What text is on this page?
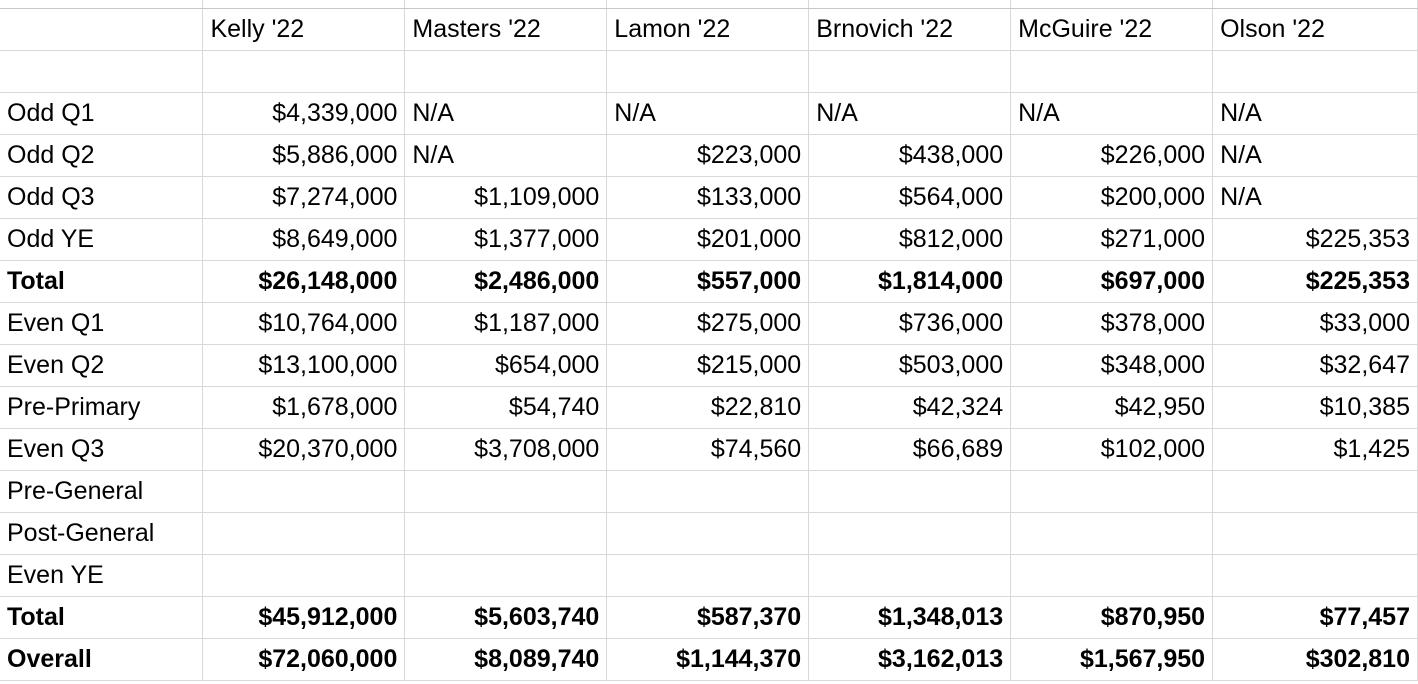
	Kelly '22	Masters '22	Lamon '22	Brnovich '22	McGuire '22	Olson '22

Odd Q1	$4,339,000	N/A	N/A	N/A	N/A	N/A
Odd Q2	$5,886,000	N/A	$223,000	$438,000	$226,000	N/A
Odd Q3	$7,274,000	$1,109,000	$133,000	$564,000	$200,000	N/A
Odd YE	$8,649,000	$1,377,000	$201,000	$812,000	$271,000	$225,353
Total	$26,148,000	$2,486,000	$557,000	$1,814,000	$697,000	$225,353
Even Q1	$10,764,000	$1,187,000	$275,000	$736,000	$378,000	$33,000
Even Q2	$13,100,000	$654,000	$215,000	$503,000	$348,000	$32,647
Pre-Primary	$1,678,000	$54,740	$22,810	$42,324	$42,950	$10,385
Even Q3	$20,370,000	$3,708,000	$74,560	$66,689	$102,000	$1,425
Pre-General						
Post-General						
Even YE						
Total	$45,912,000	$5,603,740	$587,370	$1,348,013	$870,950	$77,457
Overall	$72,060,000	$8,089,740	$1,144,370	$3,162,013	$1,567,950	$302,810
